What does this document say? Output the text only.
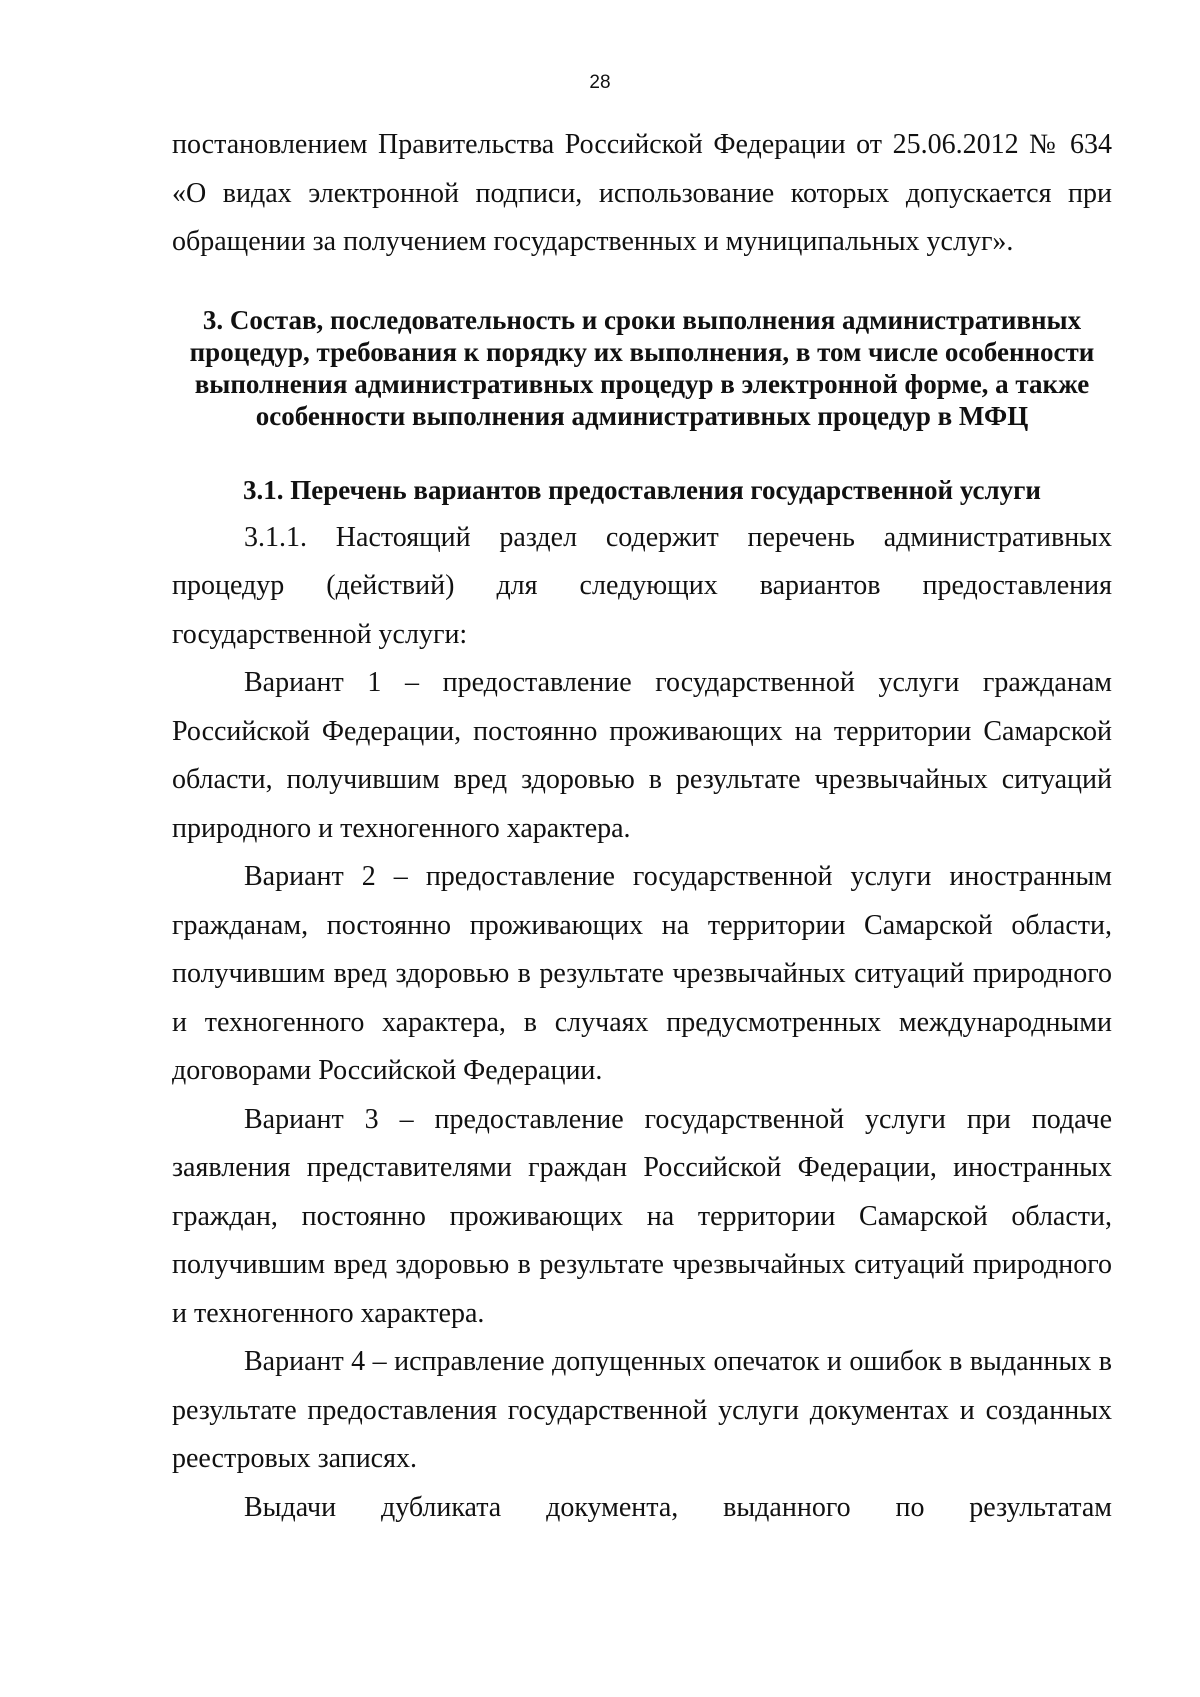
28

постановлением Правительства Российской Федерации от 25.06.2012 № 634 «О видах электронной подписи, использование которых допускается при обращении за получением государственных и муниципальных услуг».

3. Состав, последовательность и сроки выполнения административных процедур, требования к порядку их выполнения, в том числе особенности выполнения административных процедур в электронной форме, а также особенности выполнения административных процедур в МФЦ
3.1. Перечень вариантов предоставления государственной услуги

3.1.1. Настоящий раздел содержит перечень административных процедур (действий) для следующих вариантов предоставления государственной услуги:

Вариант 1 – предоставление государственной услуги гражданам Российской Федерации, постоянно проживающих на территории Самарской области, получившим вред здоровью в результате чрезвычайных ситуаций природного и техногенного характера.

Вариант 2 – предоставление государственной услуги иностранным гражданам, постоянно проживающих на территории Самарской области, получившим вред здоровью в результате чрезвычайных ситуаций природного и техногенного характера, в случаях предусмотренных международными договорами Российской Федерации.

Вариант 3 – предоставление государственной услуги при подаче заявления представителями граждан Российской Федерации, иностранных граждан, постоянно проживающих на территории Самарской области, получившим вред здоровью в результате чрезвычайных ситуаций природного и техногенного характера.

Вариант 4 – исправление допущенных опечаток и ошибок в выданных в результате предоставления государственной услуги документах и созданных реестровых записях.

Выдачи дубликата документа, выданного по результатам
